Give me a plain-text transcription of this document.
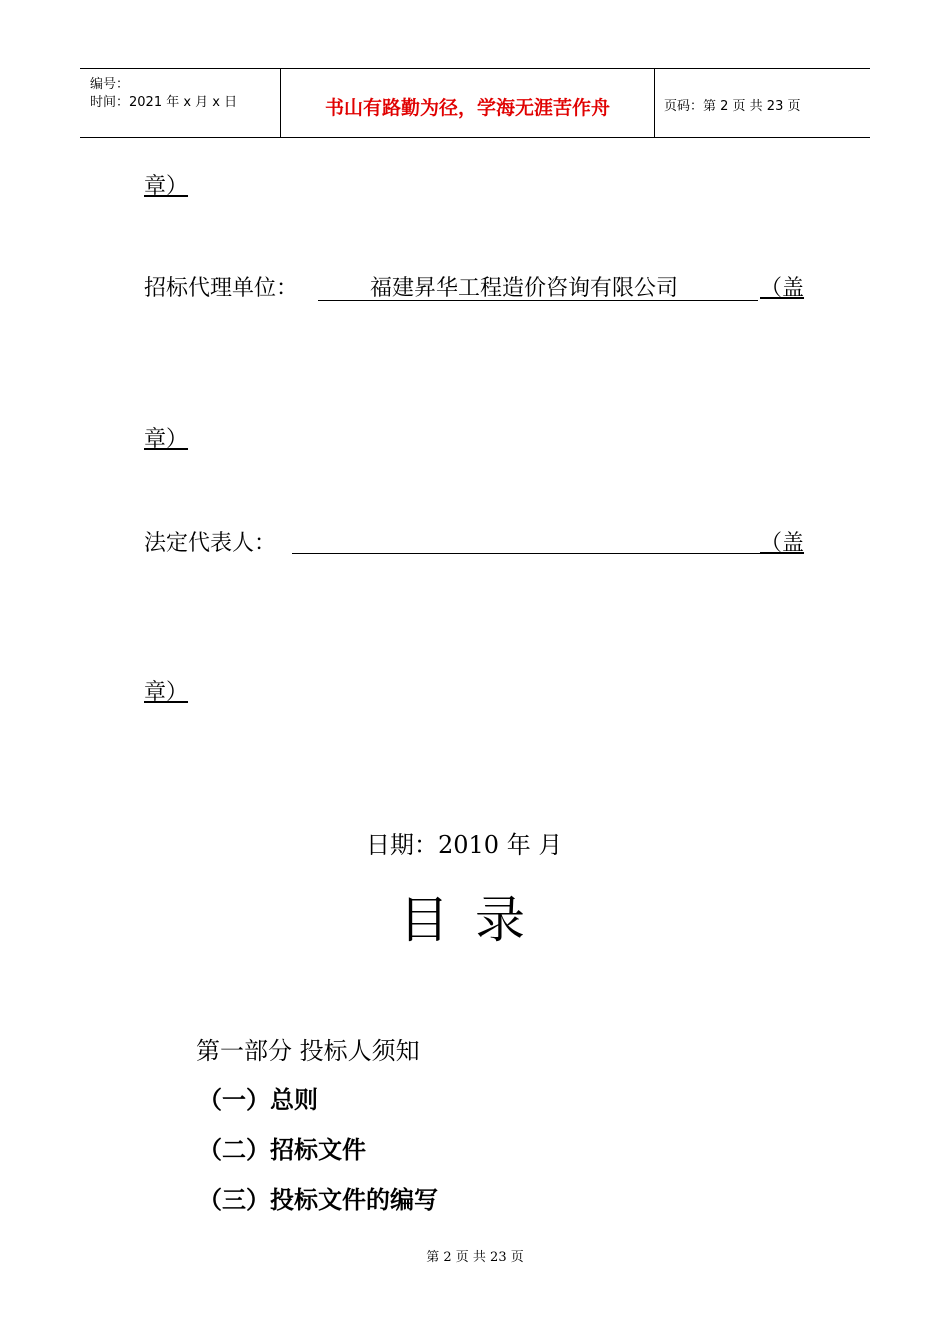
编号：
时间：2021 年 x 月 x 日	书山有路勤为径，学海无涯苦作舟	页码：第 2 页 共 23 页
章）
招标代理单位：	福建昇华工程造价咨询有限公司	（盖
章）
法定代表人：	（盖
章）
日期：2010 年 月
目录
第一部分 投标人须知
（一）总则
（二）招标文件
（三）投标文件的编写
第 2 页 共 23 页
